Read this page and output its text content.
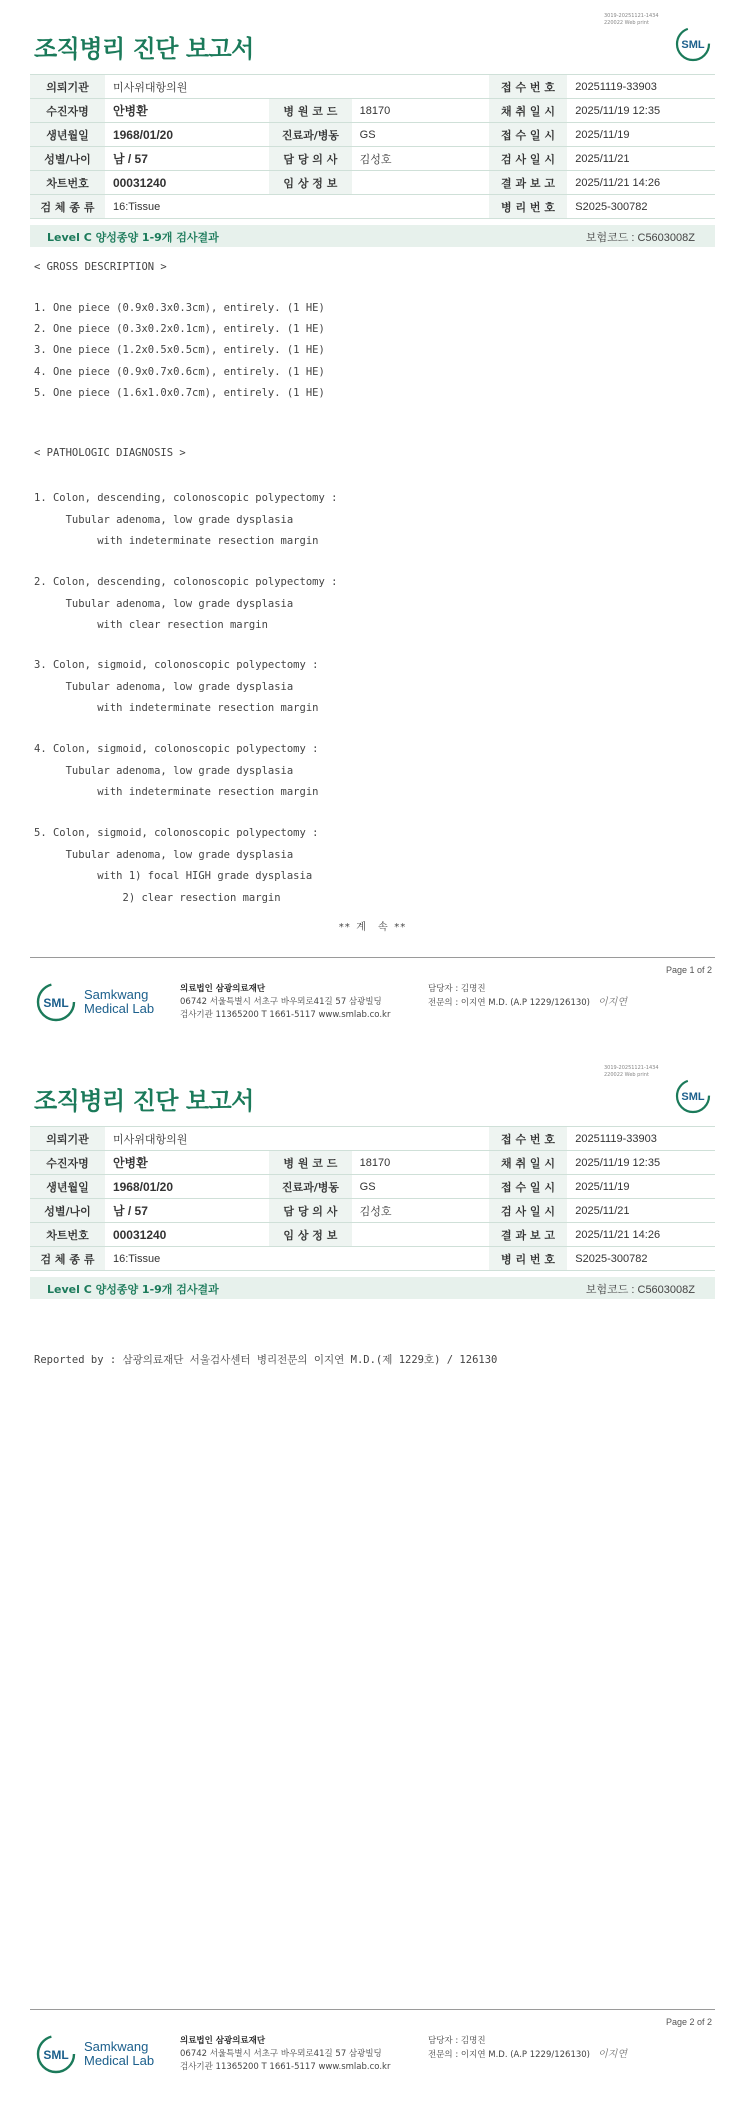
3019-20251121-1434
220022 Web print
조직병리 진단 보고서	SML
의뢰기관	미사위대항의원			접 수 번 호	20251119-33903
수진자명	안병환	병 원 코 드	18170	채 취 일 시	2025/11/19 12:35
생년월일	1968/01/20	진료과/병동	GS	접 수 일 시	2025/11/19
성별/나이	남 / 57	담 당 의 사	김성호	검 사 일 시	2025/11/21
차트번호	00031240	임 상 정 보		결 과 보 고	2025/11/21 14:26
검 체 종 류	16:Tissue			병 리 번 호	S2025-300782
Level C 양성종양 1-9개 검사결과	보험코드 : C5603008Z
< GROSS DESCRIPTION >
1. One piece (0.9x0.3x0.3cm), entirely. (1 HE)
2. One piece (0.3x0.2x0.1cm), entirely. (1 HE)
3. One piece (1.2x0.5x0.5cm), entirely. (1 HE)
4. One piece (0.9x0.7x0.6cm), entirely. (1 HE)
5. One piece (1.6x1.0x0.7cm), entirely. (1 HE)
< PATHOLOGIC DIAGNOSIS >
1. Colon, descending, colonoscopic polypectomy :
Tubular adenoma, low grade dysplasia
with indeterminate resection margin
2. Colon, descending, colonoscopic polypectomy :
Tubular adenoma, low grade dysplasia
with clear resection margin
3. Colon, sigmoid, colonoscopic polypectomy :
Tubular adenoma, low grade dysplasia
with indeterminate resection margin
4. Colon, sigmoid, colonoscopic polypectomy :
Tubular adenoma, low grade dysplasia
with indeterminate resection margin
5. Colon, sigmoid, colonoscopic polypectomy :
Tubular adenoma, low grade dysplasia
with 1) focal HIGH grade dysplasia
2) clear resection margin
** 계  속 **
Page 1 of 2
SML
Samkwang
Medical Lab
의료법인 삼광의료재단
06742 서울특별시 서초구 바우뫼로41길 57 삼광빌딩
검사기관 11365200 T 1661-5117 www.smlab.co.kr
담당자 : 김명진
전문의 : 이지연 M.D. (A.P 1229/126130) 이지연
3019-20251121-1434
220022 Web print
조직병리 진단 보고서	SML
의뢰기관	미사위대항의원			접 수 번 호	20251119-33903
수진자명	안병환	병 원 코 드	18170	채 취 일 시	2025/11/19 12:35
생년월일	1968/01/20	진료과/병동	GS	접 수 일 시	2025/11/19
성별/나이	남 / 57	담 당 의 사	김성호	검 사 일 시	2025/11/21
차트번호	00031240	임 상 정 보		결 과 보 고	2025/11/21 14:26
검 체 종 류	16:Tissue			병 리 번 호	S2025-300782
Level C 양성종양 1-9개 검사결과	보험코드 : C5603008Z
Reported by : 삼광의료재단 서울검사센터 병리전문의 이지연 M.D.(제 1229호) / 126130
Page 2 of 2
SML
Samkwang
Medical Lab
의료법인 삼광의료재단
06742 서울특별시 서초구 바우뫼로41길 57 삼광빌딩
검사기관 11365200 T 1661-5117 www.smlab.co.kr
담당자 : 김명진
전문의 : 이지연 M.D. (A.P 1229/126130) 이지연
